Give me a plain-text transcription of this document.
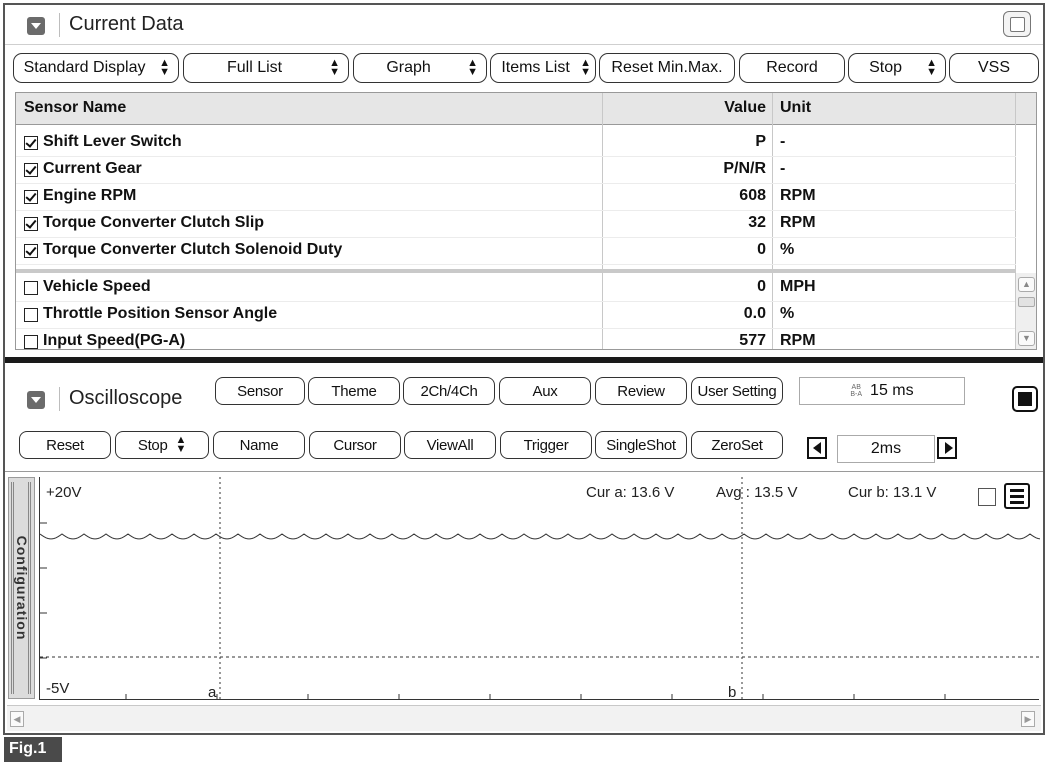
Current Data
Standard Display	▲
▼	Full List	▲
▼	Graph	▲
▼	Items List ▲
▼	Reset Min.Max.	Record	Stop	▲
▼	VSS
Sensor Name	Value Unit
Shift Lever Switch	P -
Current Gear	P/N/R -
Engine RPM	608 RPM
Torque Converter Clutch Slip	32 RPM
Torque Converter Clutch Solenoid Duty	0 %
Vehicle Speed	0 MPH
Throttle Position Sensor Angle	0.0 %
Input Speed(PG-A)	577 RPM
▲
▼
Oscilloscope	Sensor	Theme	2Ch/4Ch	Aux	Review User Setting	AB
B-A 15 ms
Reset	Stop ▲
▼	Name	Cursor	ViewAll	Trigger	SingleShot ZeroSet	2ms
Configuration
+20V
-5V	a	b
Cur a: 13.6 V	Avg : 13.5 V	Cur b: 13.1 V
◀	▶
Fig.1
